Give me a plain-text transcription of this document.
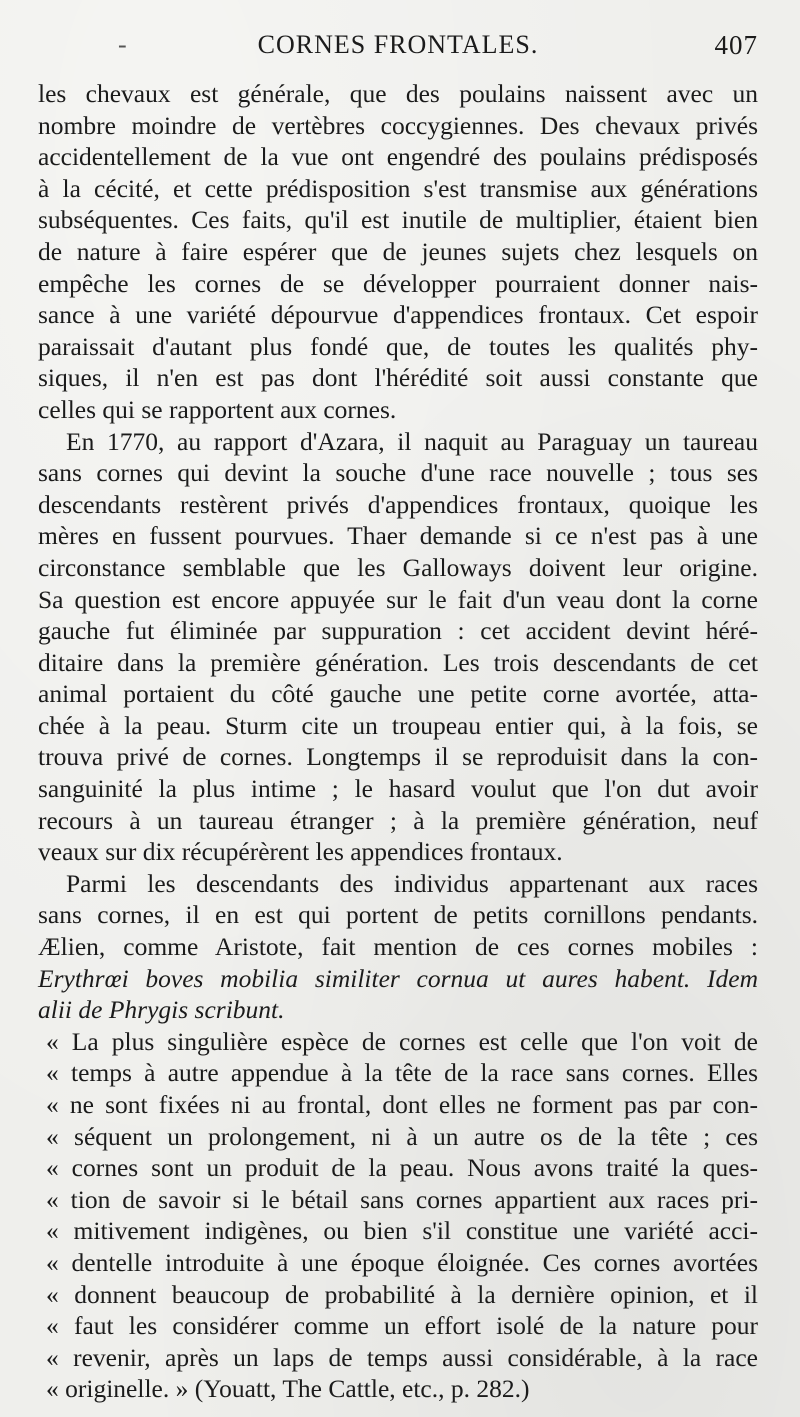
-	CORNES FRONTALES.	407
les chevaux est générale, que des poulains naissent avec un
nombre moindre de vertèbres coccygiennes. Des chevaux privés
accidentellement de la vue ont engendré des poulains prédisposés
à la cécité, et cette prédisposition s'est transmise aux générations
subséquentes. Ces faits, qu'il est inutile de multiplier, étaient bien
de nature à faire espérer que de jeunes sujets chez lesquels on
empêche les cornes de se développer pourraient donner nais-
sance à une variété dépourvue d'appendices frontaux. Cet espoir
paraissait d'autant plus fondé que, de toutes les qualités phy-
siques, il n'en est pas dont l'hérédité soit aussi constante que
celles qui se rapportent aux cornes.
En 1770, au rapport d'Azara, il naquit au Paraguay un taureau
sans cornes qui devint la souche d'une race nouvelle ; tous ses
descendants restèrent privés d'appendices frontaux, quoique les
mères en fussent pourvues. Thaer demande si ce n'est pas à une
circonstance semblable que les Galloways doivent leur origine.
Sa question est encore appuyée sur le fait d'un veau dont la corne
gauche fut éliminée par suppuration : cet accident devint héré-
ditaire dans la première génération. Les trois descendants de cet
animal portaient du côté gauche une petite corne avortée, atta-
chée à la peau. Sturm cite un troupeau entier qui, à la fois, se
trouva privé de cornes. Longtemps il se reproduisit dans la con-
sanguinité la plus intime ; le hasard voulut que l'on dut avoir
recours à un taureau étranger ; à la première génération, neuf
veaux sur dix récupérèrent les appendices frontaux.
Parmi les descendants des individus appartenant aux races
sans cornes, il en est qui portent de petits cornillons pendants.
Ælien, comme Aristote, fait mention de ces cornes mobiles :
Erythrœi boves mobilia similiter cornua ut aures habent. Idem
alii de Phrygis scribunt.
« La plus singulière espèce de cornes est celle que l'on voit de
« temps à autre appendue à la tête de la race sans cornes. Elles
« ne sont fixées ni au frontal, dont elles ne forment pas par con-
« séquent un prolongement, ni à un autre os de la tête ; ces
« cornes sont un produit de la peau. Nous avons traité la ques-
« tion de savoir si le bétail sans cornes appartient aux races pri-
« mitivement indigènes, ou bien s'il constitue une variété acci-
« dentelle introduite à une époque éloignée. Ces cornes avortées
« donnent beaucoup de probabilité à la dernière opinion, et il
« faut les considérer comme un effort isolé de la nature pour
« revenir, après un laps de temps aussi considérable, à la race
« originelle. » (Youatt, The Cattle, etc., p. 282.)
